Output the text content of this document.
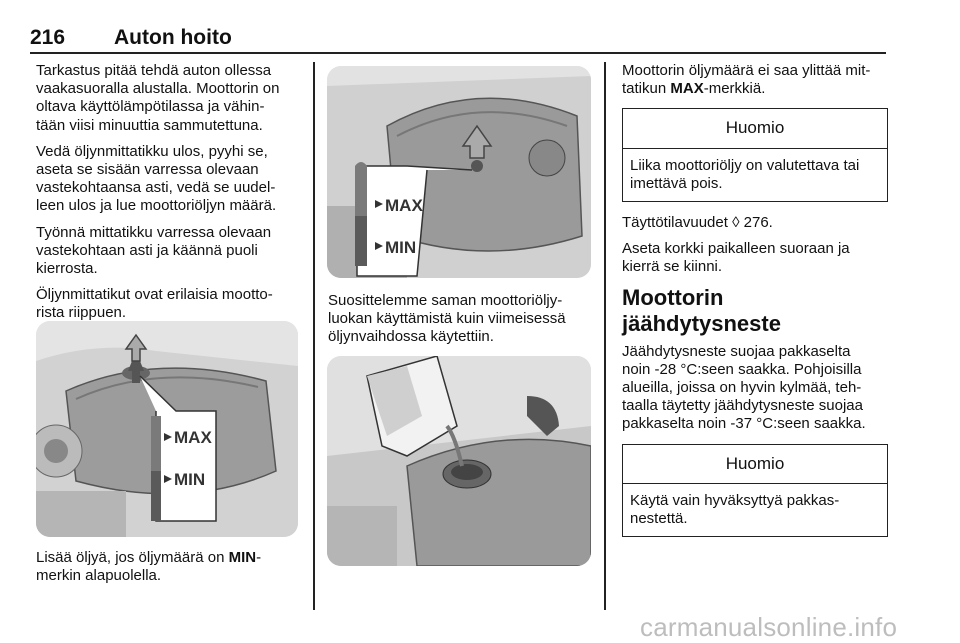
216 Auton hoito

Tarkastus pitää tehdä auton ollessa
vaakasuoralla alustalla. Moottorin on
oltava käyttölämpötilassa ja vähin-
tään viisi minuuttia sammutettuna.

Vedä öljynmittatikku ulos, pyyhi se,
aseta se sisään varressa olevaan
vastekohtaansa asti, vedä se uudel-
leen ulos ja lue moottoriöljyn määrä.

Työnnä mittatikku varressa olevaan
vastekohtaan asti ja käännä puoli
kierrosta.

Öljynmittatikut ovat erilaisia mootto-
rista riippuen.

MAX
MIN

Lisää öljyä, jos öljymäärä on MIN-
merkin alapuolella.

MAX
MIN

Suosittelemme saman moottoriöljy-
luokan käyttämistä kuin viimeisessä
öljynvaihdossa käytettiin.

Moottorin öljymäärä ei saa ylittää mit-
tatikun MAX-merkkiä.

Huomio
Liika moottoriöljy on valutettava tai
imettävä pois.

Täyttötilavuudet ◊ 276.

Aseta korkki paikalleen suoraan ja
kierrä se kiinni.

Moottorin jäähdytysneste

Jäähdytysneste suojaa pakkaselta
noin -28 °C:seen saakka. Pohjoisilla
alueilla, joissa on hyvin kylmää, teh-
taalla täytetty jäähdytysneste suojaa
pakkaselta noin -37 °C:seen saakka.

Huomio
Käytä vain hyväksyttyä pakkas-
nestettä.
carmanualsonline.info
